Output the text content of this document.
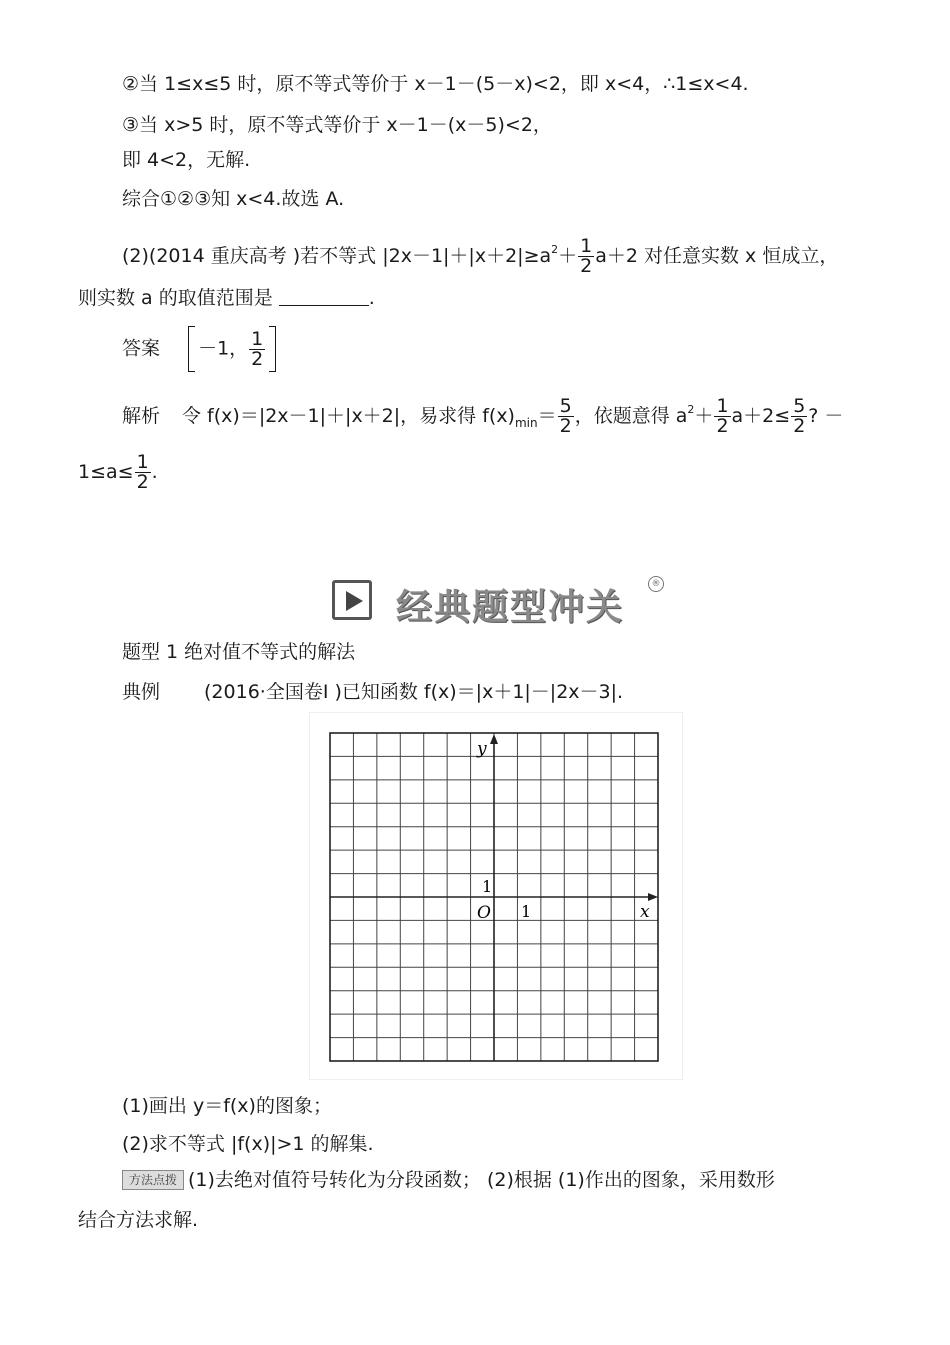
②当 1≤x≤5 时，原不等式等价于 x－1－(5－x)<2，即 x<4，∴1≤x<4.
③当 x>5 时，原不等式等价于 x－1－(x－5)<2，
即 4<2，无解.
综合①②③知 x<4.故选 A.
(2)(2014 重庆高考 )若不等式 $|2x-1|+|x+2|\ge a^2+ \frac{1}{2} a+2$ 对任意实数 x 恒成立，
则实数 a 的取值范围是	.
答案 －1， $\frac{1}{2}$
解析 令 f(x)＝|2x－1|＋|x＋2|，易求得 $f(x)_{min}= \frac{5}{2}$ ，依题意得 $a^2+ \frac{1}{2} a+2\le \frac{5}{2}$ ? －
$1\le a\le \frac{1}{2}$ .
经典题型冲关
®
题型 1 绝对值不等式的解法
典例 (2016·全国卷Ⅰ )已知函数 f(x)＝|x＋1|－|2x－3|.
y
x
O 1
1
(1)画出 y＝f(x)的图象；
(2)求不等式 |f(x)|>1 的解集.
方法点拨 (1)去绝对值符号转化为分段函数； (2)根据 (1)作出的图象，采用数形
结合方法求解.
